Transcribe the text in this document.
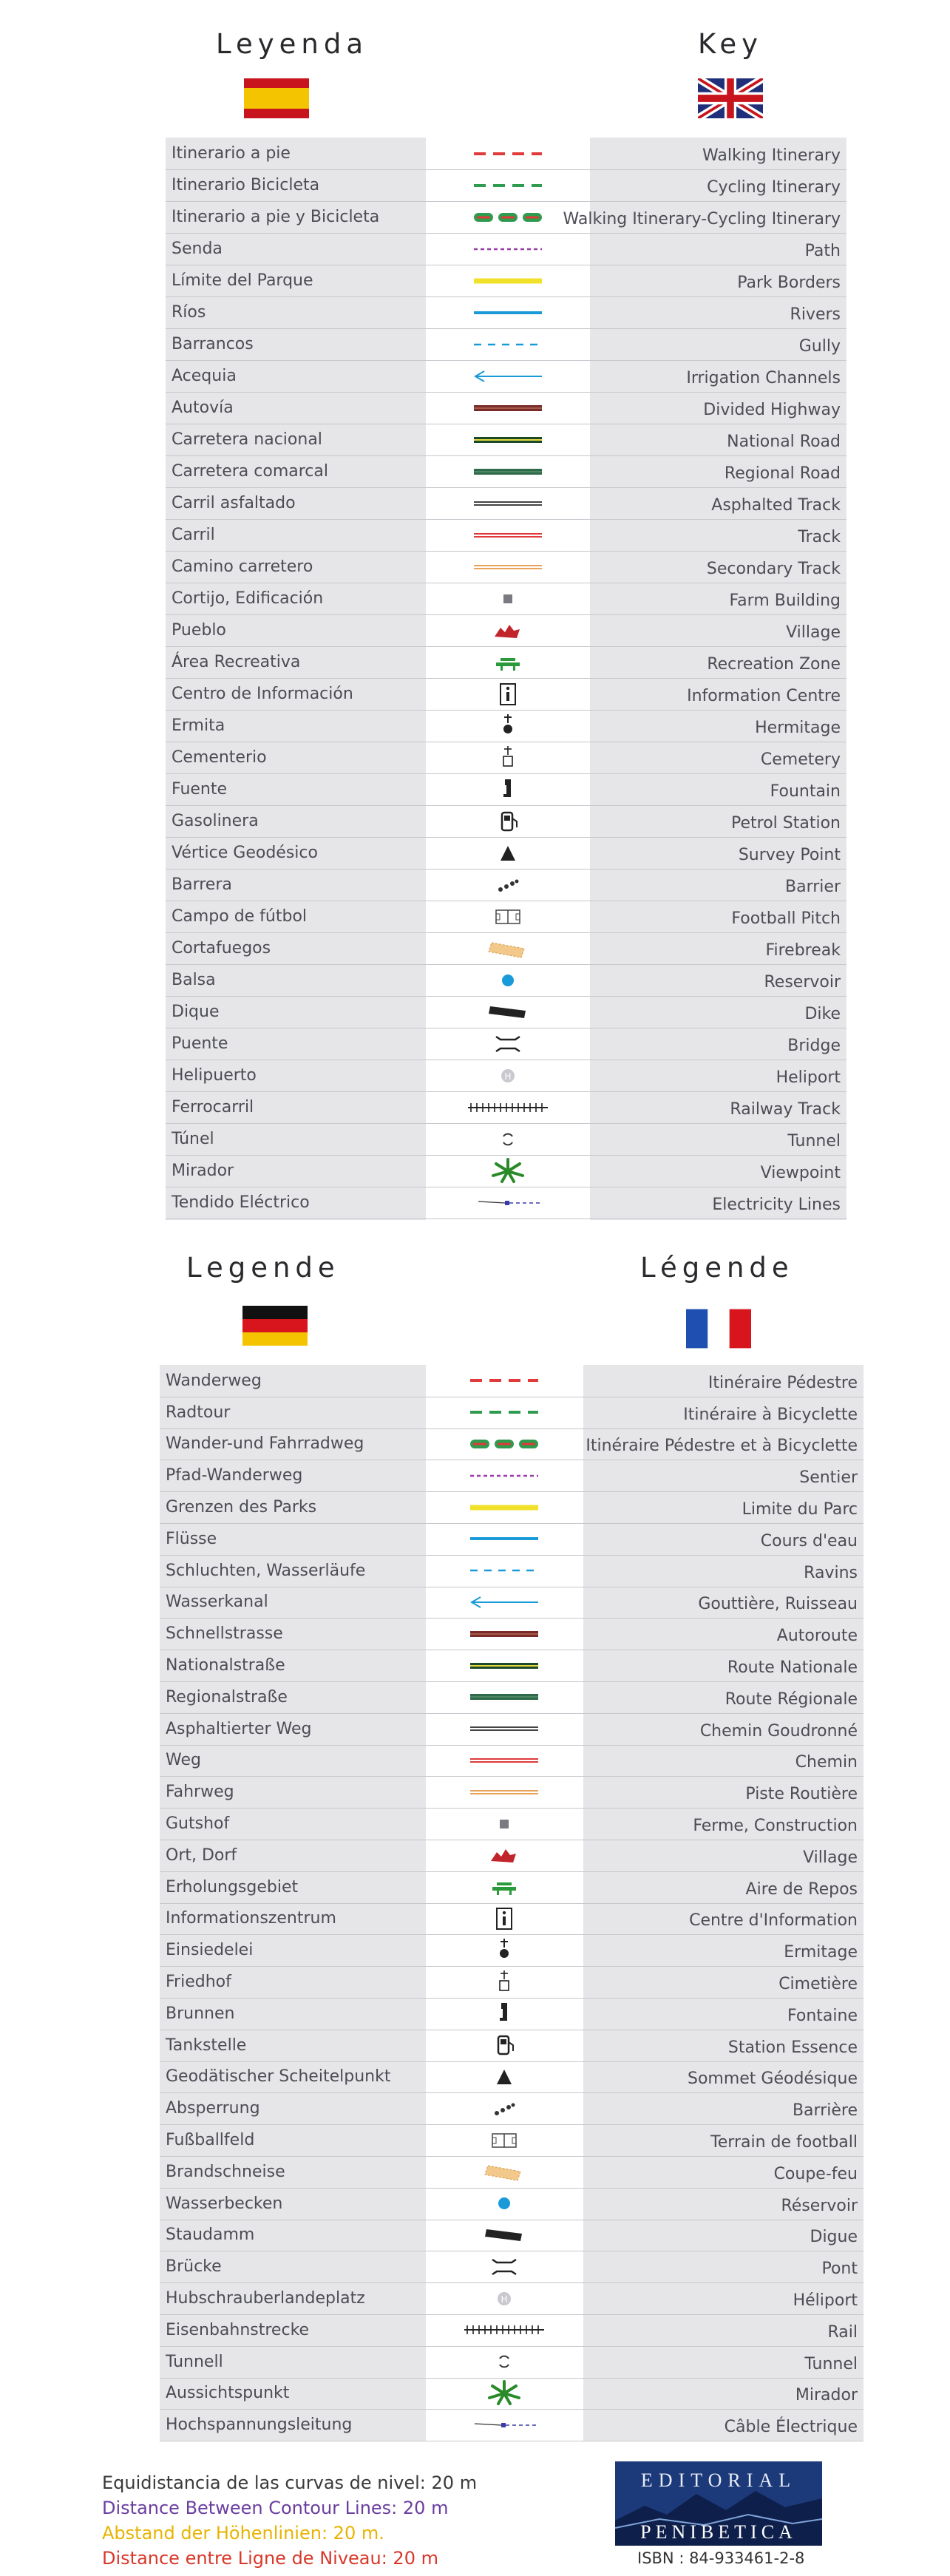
Leyenda	Key
Legende	Légende
Itinerario a pie	Walking Itinerary
Itinerario Bicicleta	Cycling Itinerary
Itinerario a pie y Bicicleta	Walking Itinerary-Cycling Itinerary
Senda	Path
Límite del Parque	Park Borders
Ríos	Rivers
Barrancos	Gully
Acequia	Irrigation Channels
Autovía	Divided Highway
Carretera nacional	National Road
Carretera comarcal	Regional Road
Carril asfaltado	Asphalted Track
Carril	Track
Camino carretero	Secondary Track
Cortijo, Edificación	Farm Building
Pueblo	Village
Área Recreativa	Recreation Zone
Centro de Información	Information Centre
Ermita	Hermitage
Cementerio	Cemetery
Fuente	Fountain
Gasolinera	Petrol Station
Vértice Geodésico	Survey Point
Barrera	Barrier
Campo de fútbol	Football Pitch
Cortafuegos	Firebreak
Balsa	Reservoir
Dique	Dike
Puente	Bridge
Helipuerto	H	Heliport
Ferrocarril	Railway Track
Túnel	Tunnel
Mirador	Viewpoint
Tendido Eléctrico	Electricity Lines
Wanderweg	Itinéraire Pédestre
Radtour	Itinéraire à Bicyclette
Wander-und Fahrradweg	Itinéraire Pédestre et à Bicyclette
Pfad-Wanderweg	Sentier
Grenzen des Parks	Limite du Parc
Flüsse	Cours d'eau
Schluchten, Wasserläufe	Ravins
Wasserkanal	Gouttière, Ruisseau
Schnellstrasse	Autoroute
Nationalstraße	Route Nationale
Regionalstraße	Route Régionale
Asphaltierter Weg	Chemin Goudronné
Weg	Chemin
Fahrweg	Piste Routière
Gutshof	Ferme, Construction
Ort, Dorf	Village
Erholungsgebiet	Aire de Repos
Informationszentrum	Centre d'Information
Einsiedelei	Ermitage
Friedhof	Cimetière
Brunnen	Fontaine
Tankstelle	Station Essence
Geodätischer Scheitelpunkt	Sommet Géodésique
Absperrung	Barrière
Fußballfeld	Terrain de football
Brandschneise	Coupe-feu
Wasserbecken	Réservoir
Staudamm	Digue
Brücke	Pont
Hubschrauberlandeplatz	H	Héliport
Eisenbahnstrecke	Rail
Tunnell	Tunnel
Aussichtspunkt	Mirador
Hochspannungsleitung	Câble Électrique
Equidistancia de las curvas de nivel: 20 m
Distance Between Contour Lines: 20 m
Abstand der Höhenlinien: 20 m.
Distance entre Ligne de Niveau: 20 m
EDITORIAL
PENIBETICA
ISBN : 84-933461-2-8
